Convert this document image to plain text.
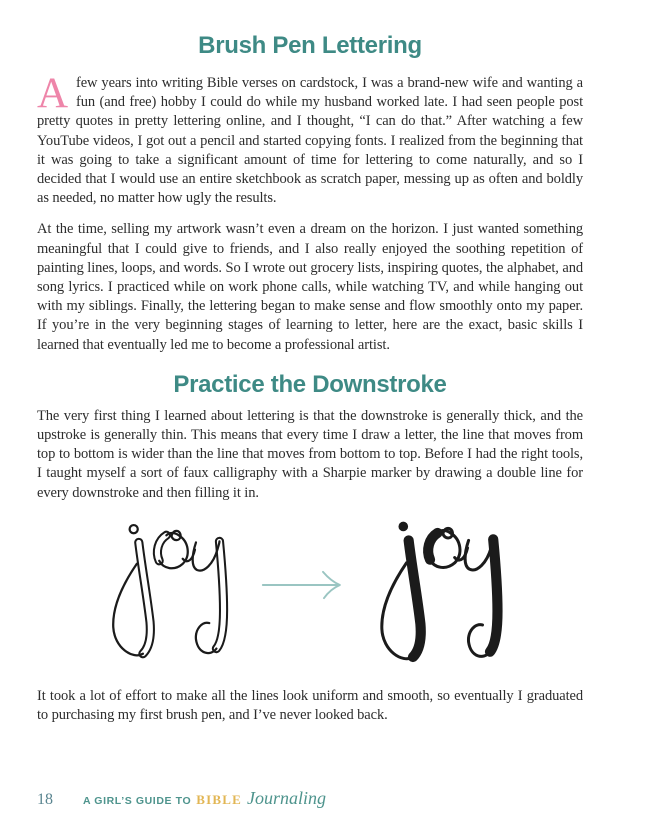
Brush Pen Lettering

Afew years into writing Bible verses on cardstock, I was a brand-new wife and wanting a fun (and free) hobby I could do while my husband worked late. I had seen people post pretty quotes in pretty lettering online, and I thought, “I can do that.” After watching a few YouTube videos, I got out a pencil and started copying fonts. I realized from the beginning that it was going to take a significant amount of time for lettering to come naturally, and so I decided that I would use an entire sketchbook as scratch paper, messing up as often and boldly as needed, no matter how ugly the results.

At the time, selling my artwork wasn’t even a dream on the horizon. I just wanted something meaningful that I could give to friends, and I also really enjoyed the soothing repetition of painting lines, loops, and words. So I wrote out grocery lists, inspiring quotes, the alphabet, and song lyrics. I practiced while on work phone calls, while watching TV, and while hanging out with my siblings. Finally, the lettering began to make sense and flow smoothly onto my paper. If you’re in the very beginning stages of learning to letter, here are the exact, basic skills I learned that eventually led me to become a professional artist.

Practice the Downstroke

The very first thing I learned about lettering is that the downstroke is generally thick, and the upstroke is generally thin. This means that every time I draw a letter, the line that moves from top to bottom is wider than the line that moves from bottom to top. Before I had the right tools, I taught myself a sort of faux calligraphy with a Sharpie marker by drawing a double line for every downstroke and then filling it in.

It took a lot of effort to make all the lines look uniform and smooth, so eventually I graduated to purchasing my first brush pen, and I’ve never looked back.

18	A GIRL’S GUIDE TO BIBLE Journaling
